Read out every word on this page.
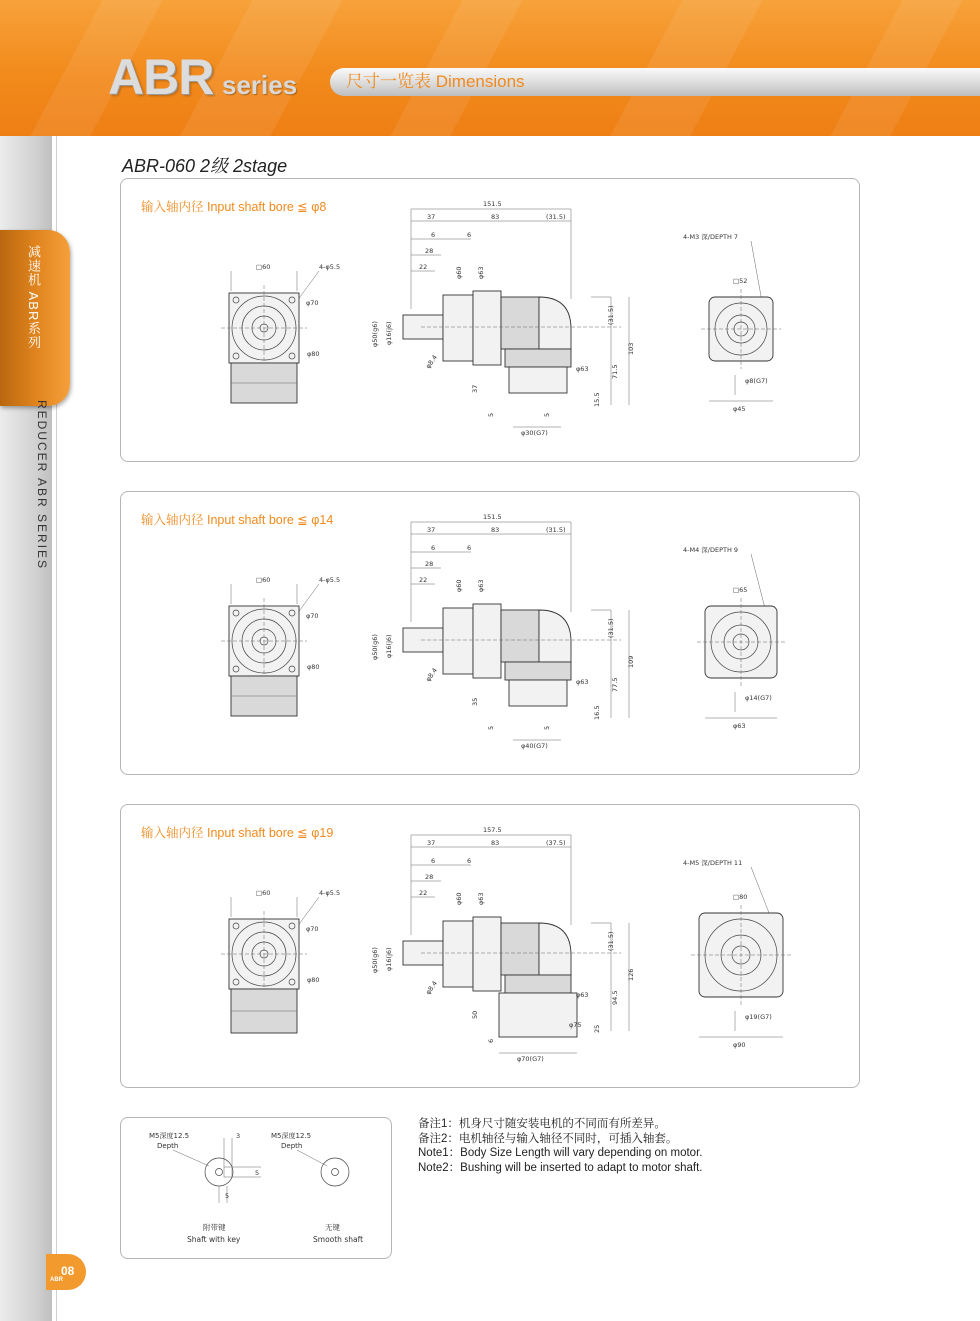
ABR series	尺寸一览表 Dimensions
减速机 ABR系列
REDUCER ABR SERIES
ABR-060 2级 2stage
输入轴内径 Input shaft bore ≦ φ8
□60	4-φ5.5
φ70
φ80
151.5
37	83	(31.5)
6	6
28
22	φ60 φ63
φ50(g6) φ16(j6)
φ8.4
(31.5)
71.5
103
15.5
φ63
37
5	5
φ30(G7)
4-M3 深/DEPTH 7
□52
φ8(G7)
φ45
输入轴内径 Input shaft bore ≦ φ14
□60	4-φ5.5
φ70
φ80
151.5
37	83	(31.5)
6	6
28
22	φ60 φ63
φ50(g6) φ16(j6)
φ8.4
(31.5)
77.5
109
16.5
φ63
35
5	5
φ40(G7)
4-M4 深/DEPTH 9
□65
φ14(G7)
φ63
输入轴内径 Input shaft bore ≦ φ19
□60	4-φ5.5
φ70
φ80
157.5
37	83	(37.5)
6	6
28
22	φ60 φ63
φ50(g6) φ16(j6)
φ8.4
(31.5)
94.5
126
25
φ63
φ75
50
6
φ70(G7)
4-M5 深/DEPTH 11
□80
φ19(G7)
φ90
M5深度12.5
Depth
3
5
5
附带键
Shaft with key
M5深度12.5
Depth
无键
Smooth shaft
备注1：机身尺寸随安装电机的不同而有所差异。
备注2：电机轴径与输入轴径不同时，可插入轴套。
Note1：Body Size Length will vary depending on motor.
Note2：Bushing will be inserted to adapt to motor shaft.
08
ABR
